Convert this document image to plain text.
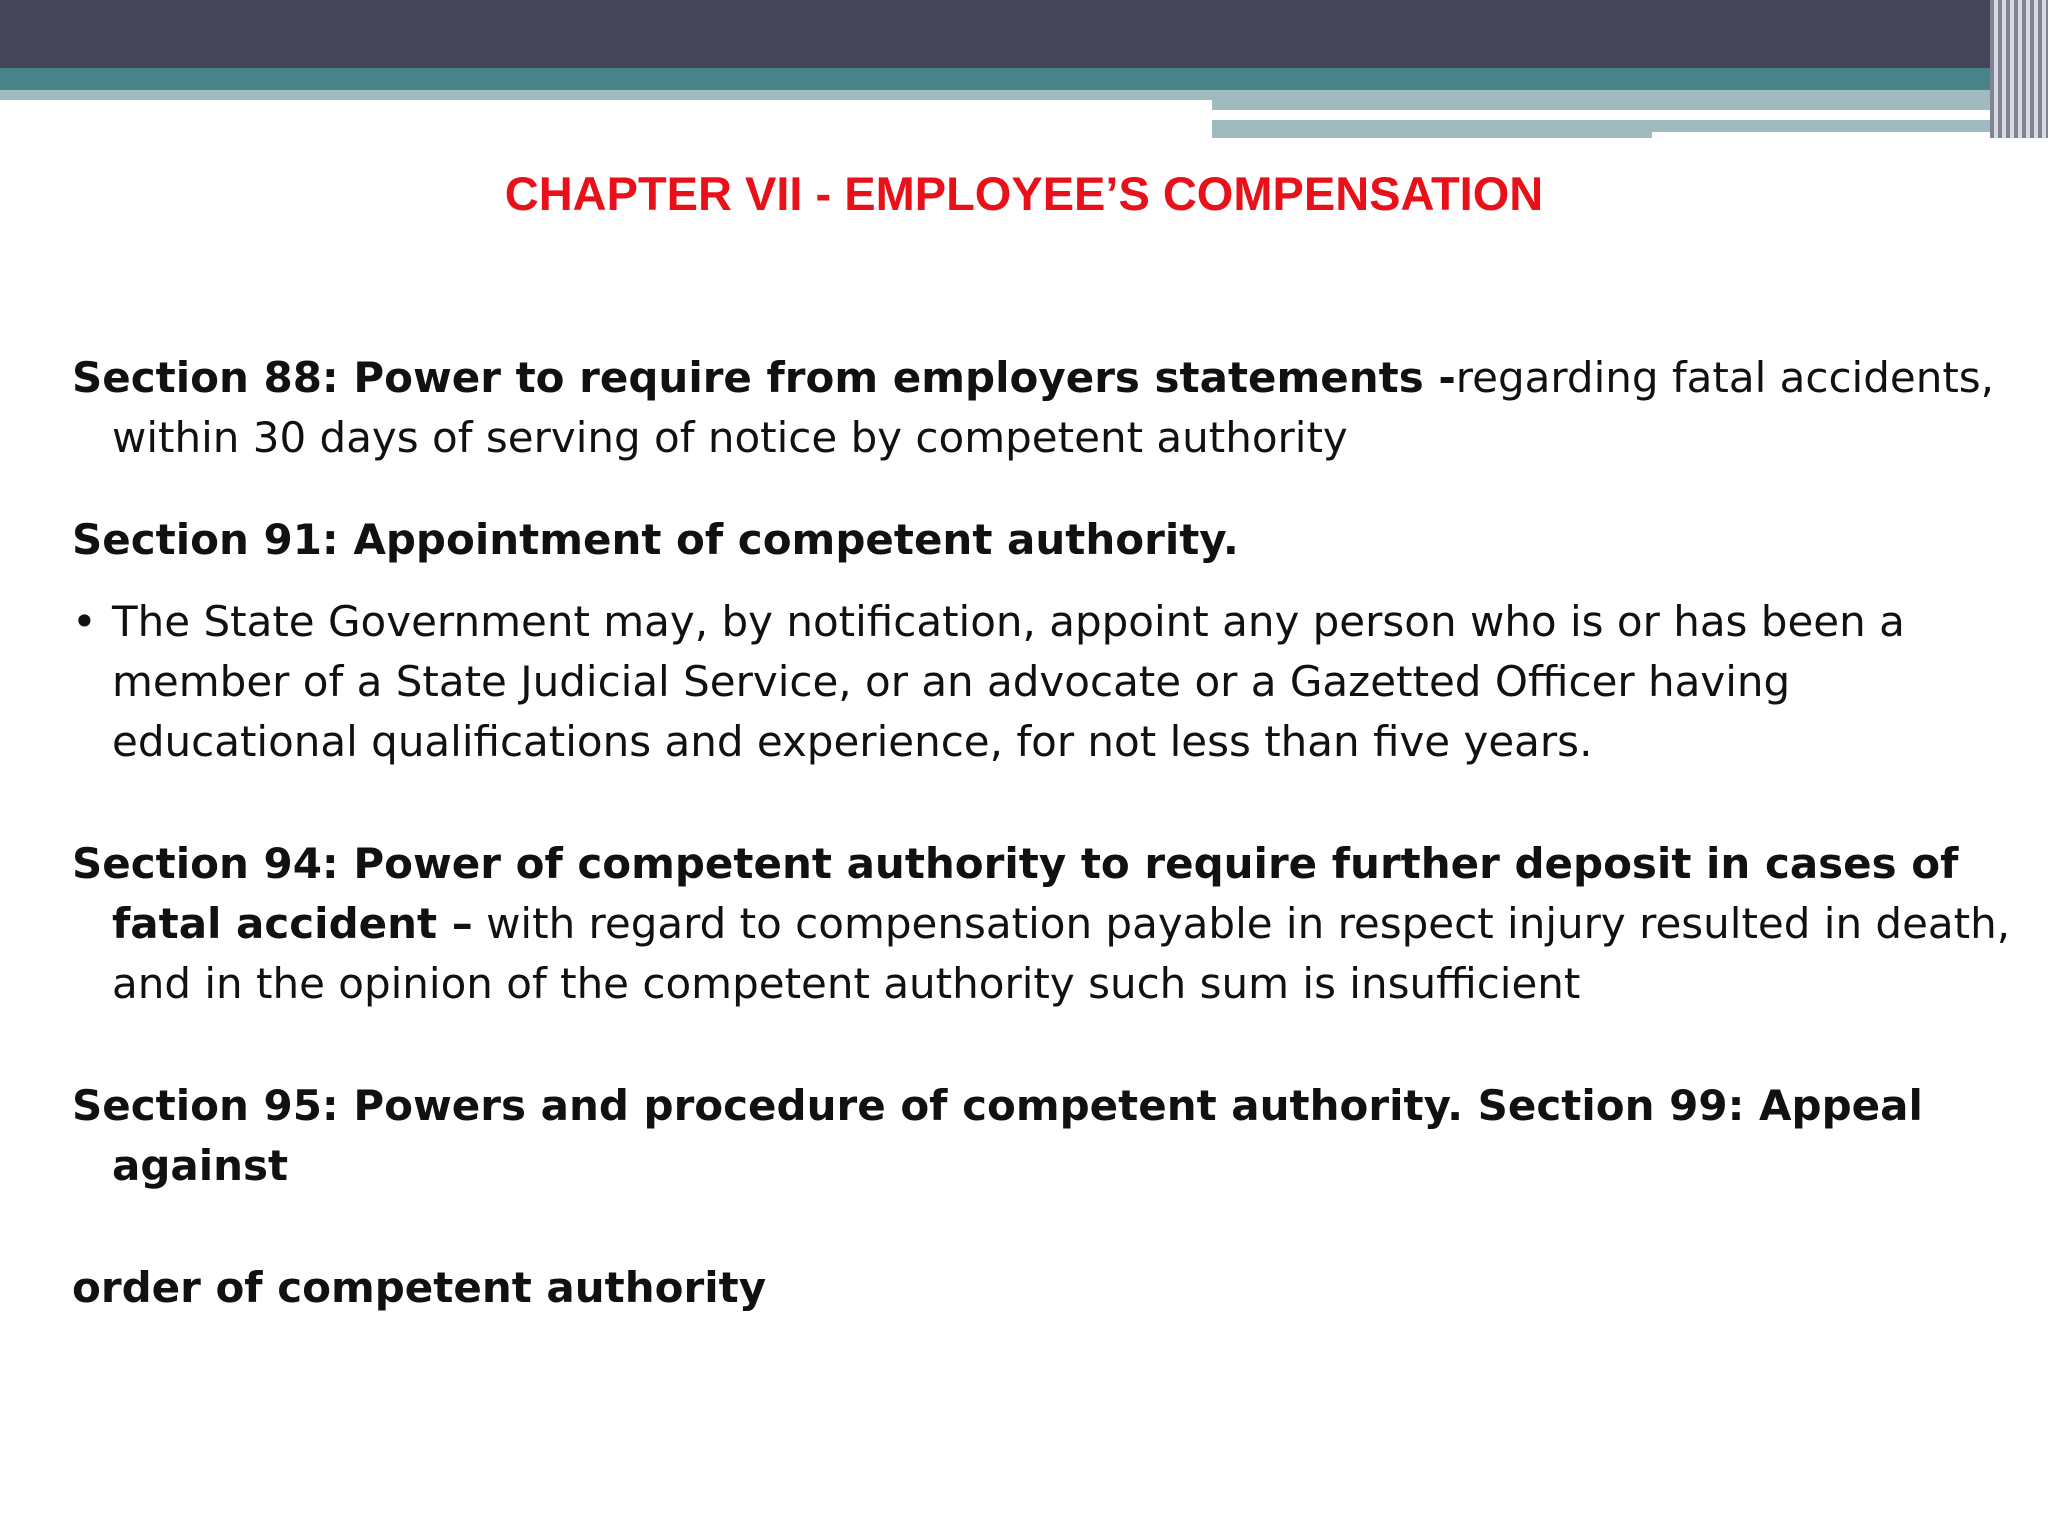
CHAPTER VII - EMPLOYEE’S COMPENSATION

Section 88: Power to require from employers statements -regarding fatal accidents, within 30 days of serving of notice by competent authority

Section 91: Appointment of competent authority.

• The State Government may, by notification, appoint any person who is or has been a member of a State Judicial Service, or an advocate or a Gazetted Officer having educational qualifications and experience, for not less than five years.

Section 94: Power of competent authority to require further deposit in cases of fatal accident – with regard to compensation payable in respect injury resulted in death, and in the opinion of the competent authority such sum is insufficient

Section 95: Powers and procedure of competent authority. Section 99: Appeal against

order of competent authority
